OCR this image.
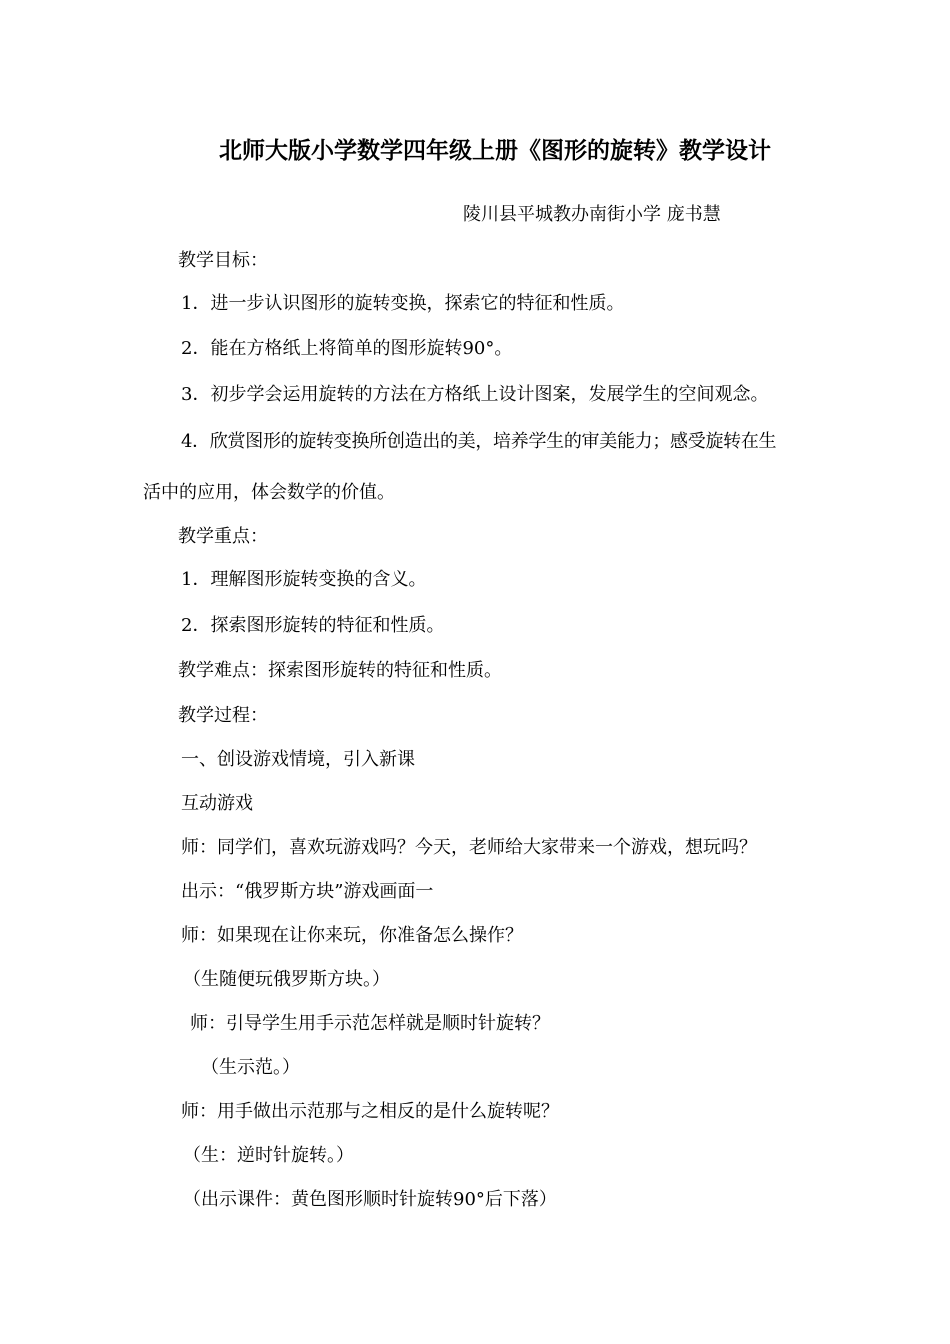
北师大版小学数学四年级上册《图形的旋转》教学设计
陵川县平城教办南街小学 庞书慧
教学目标：
1．进一步认识图形的旋转变换，探索它的特征和性质。
2．能在方格纸上将简单的图形旋转90°。
3．初步学会运用旋转的方法在方格纸上设计图案，发展学生的空间观念。
4．欣赏图形的旋转变换所创造出的美，培养学生的审美能力；感受旋转在生
活中的应用，体会数学的价值。
教学重点：
1．理解图形旋转变换的含义。
2．探索图形旋转的特征和性质。
教学难点：探索图形旋转的特征和性质。
教学过程：
一、创设游戏情境，引入新课
互动游戏
师：同学们，喜欢玩游戏吗？今天，老师给大家带来一个游戏，想玩吗？
出示：“俄罗斯方块”游戏画面一
师：如果现在让你来玩，你准备怎么操作？
（生随便玩俄罗斯方块。）
师：引导学生用手示范怎样就是顺时针旋转？
（生示范。）
师：用手做出示范那与之相反的是什么旋转呢？
（生：逆时针旋转。）
（出示课件：黄色图形顺时针旋转90°后下落）
